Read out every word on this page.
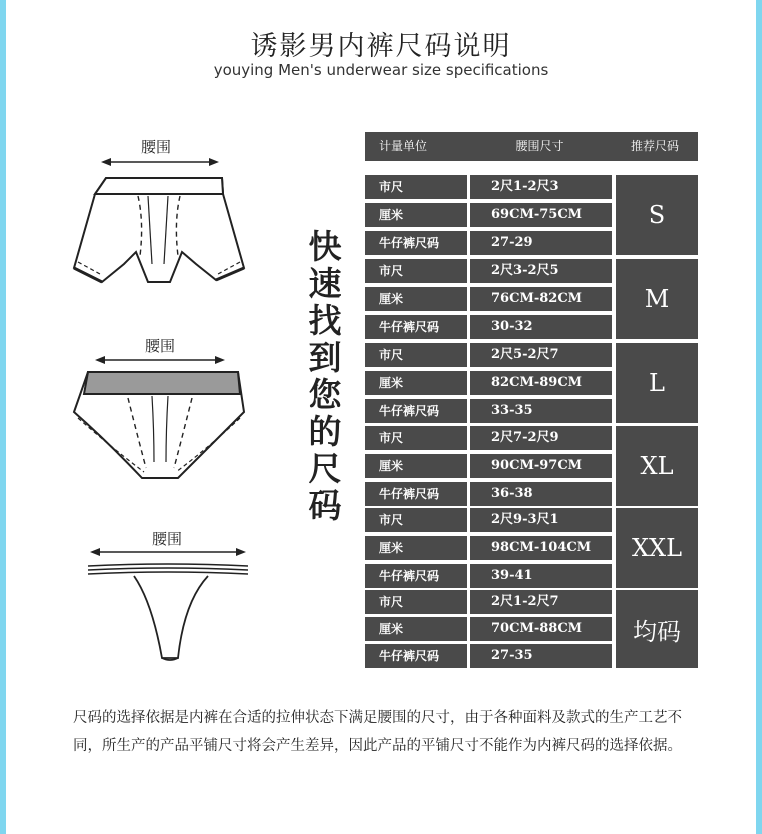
诱影男内裤尺码说明
youying Men's underwear size specifications
腰围
腰围
腰围
快
速
找
到
您
的
尺
码
计量单位	腰围尺寸	推荐尺码
市尺	2尺1-2尺3
厘米	69CM-75CM
牛仔裤尺码	27-29
S
市尺	2尺3-2尺5
厘米	76CM-82CM
牛仔裤尺码	30-32
M
市尺	2尺5-2尺7
厘米	82CM-89CM
牛仔裤尺码	33-35
L
市尺	2尺7-2尺9
厘米	90CM-97CM
牛仔裤尺码	36-38
XL
市尺	2尺9-3尺1
厘米	98CM-104CM
牛仔裤尺码	39-41
XXL
市尺	2尺1-2尺7
厘米	70CM-88CM
牛仔裤尺码	27-35
均码
尺码的选择依据是内裤在合适的拉伸状态下满足腰围的尺寸，由于各种面料及款式的生产工艺不同，所生产的产品平铺尺寸将会产生差异，因此产品的平铺尺寸不能作为内裤尺码的选择依据。
